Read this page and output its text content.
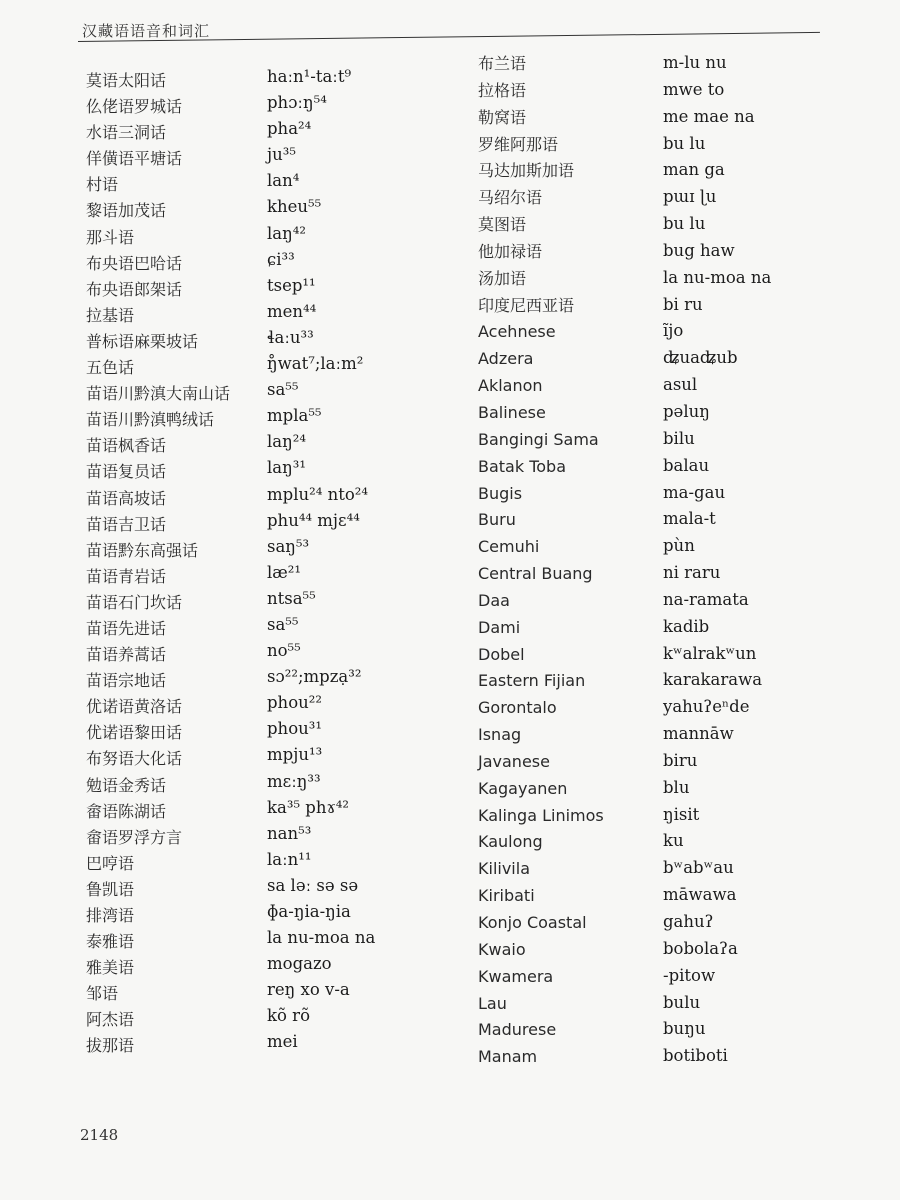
汉藏语语音和词汇
莫语太阳话
仫佬语罗城话
水语三洞话
佯僙语平塘话
村语
黎语加茂话
那斗语
布央语巴哈话
布央语郎架话
拉基语
普标语麻栗坡话
五色话
苗语川黔滇大南山话
苗语川黔滇鸭绒话
苗语枫香话
苗语复员话
苗语高坡话
苗语吉卫话
苗语黔东高强话
苗语青岩话
苗语石门坎话
苗语先进话
苗语养蒿话
苗语宗地话
优诺语黄洛话
优诺语黎田话
布努语大化话
勉语金秀话
畲语陈湖话
畲语罗浮方言
巴哼语
鲁凯语
排湾语
泰雅语
雅美语
邹语
阿杰语
拔那语
haːn¹-taːt⁹
phɔːŋ⁵⁴
pha²⁴
ju³⁵
lan⁴
kheu⁵⁵
laŋ⁴²
ɕi³³
tsep¹¹
men⁴⁴
ɬaːu³³
ŋ̊wat⁷;laːm²
sa⁵⁵
mpla⁵⁵
laŋ²⁴
laŋ³¹
mplu²⁴ nto²⁴
phu⁴⁴ mjɛ⁴⁴
saŋ⁵³
læ²¹
ntsa⁵⁵
sa⁵⁵
no⁵⁵
sɔ²²;mpzạ³²
phou²²
phou³¹
mpju¹³
mɛːŋ³³
ka³⁵ phɤ⁴²
nan⁵³
laːn¹¹
sa ləː sə sə
ɸa-ŋia-ŋia
la nu-moa na
mogazo
reŋ xo v-a
kõ rõ
mei
布兰语
拉格语
勒窝语
罗维阿那语
马达加斯加语
马绍尔语
莫图语
他加禄语
汤加语
印度尼西亚语
Acehnese
Adzera
Aklanon
Balinese
Bangingi Sama
Batak Toba
Bugis
Buru
Cemuhi
Central Buang
Daa
Dami
Dobel
Eastern Fijian
Gorontalo
Isnag
Javanese
Kagayanen
Kalinga Linimos
Kaulong
Kilivila
Kiribati
Konjo Coastal
Kwaio
Kwamera
Lau
Madurese
Manam
m-lu nu
mwe to
me mae na
bu lu
man ga
pɯɪ ɭu
bu lu
bug haw
la nu-moa na
bi ru
ĩjo
ʥuaʥub
asul
pəluŋ
bilu
balau
ma-gau
mala-t
pùn
ni raru
na-ramata
kadib
kʷalrakʷun
karakarawa
yahuʔeⁿde
mannāw
biru
blu
ŋisit
ku
bʷabʷau
māwawa
gahuʔ
bobolaʔa
-pitow
bulu
buŋu
botiboti
2148
